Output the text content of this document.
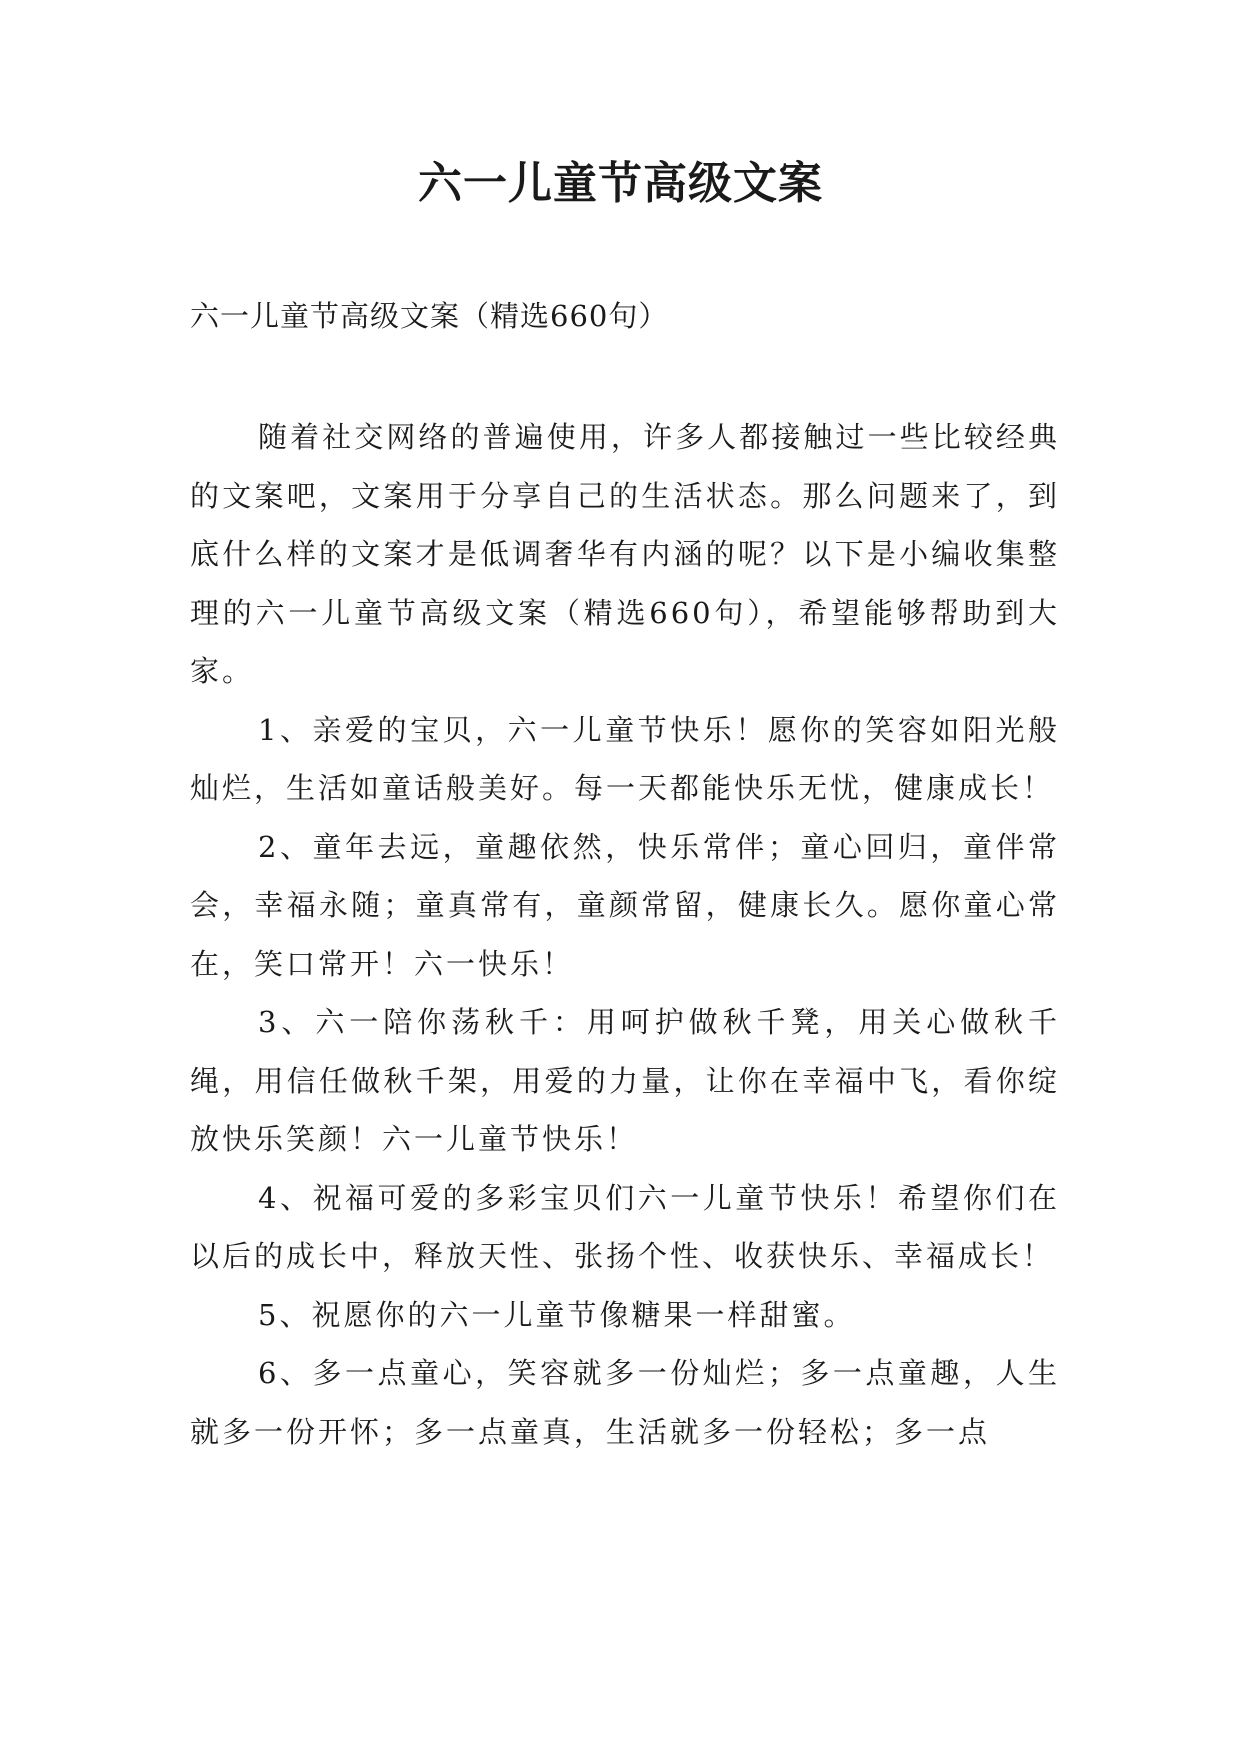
六一儿童节高级文案

六一儿童节高级文案（精选660句）

随着社交网络的普遍使用，许多人都接触过一些比较经典的文案吧，文案用于分享自己的生活状态。那么问题来了，到底什么样的文案才是低调奢华有内涵的呢？以下是小编收集整理的六一儿童节高级文案（精选660句），希望能够帮助到大家。

1、亲爱的宝贝，六一儿童节快乐！愿你的笑容如阳光般灿烂，生活如童话般美好。每一天都能快乐无忧，健康成长！

2、童年去远，童趣依然，快乐常伴；童心回归，童伴常会，幸福永随；童真常有，童颜常留，健康长久。愿你童心常在，笑口常开！六一快乐！

3、六一陪你荡秋千：用呵护做秋千凳，用关心做秋千绳，用信任做秋千架，用爱的力量，让你在幸福中飞，看你绽放快乐笑颜！六一儿童节快乐！

4、祝福可爱的多彩宝贝们六一儿童节快乐！希望你们在以后的成长中，释放天性、张扬个性、收获快乐、幸福成长！

5、祝愿你的六一儿童节像糖果一样甜蜜。

6、多一点童心，笑容就多一份灿烂；多一点童趣，人生就多一份开怀；多一点童真，生活就多一份轻松；多一点
